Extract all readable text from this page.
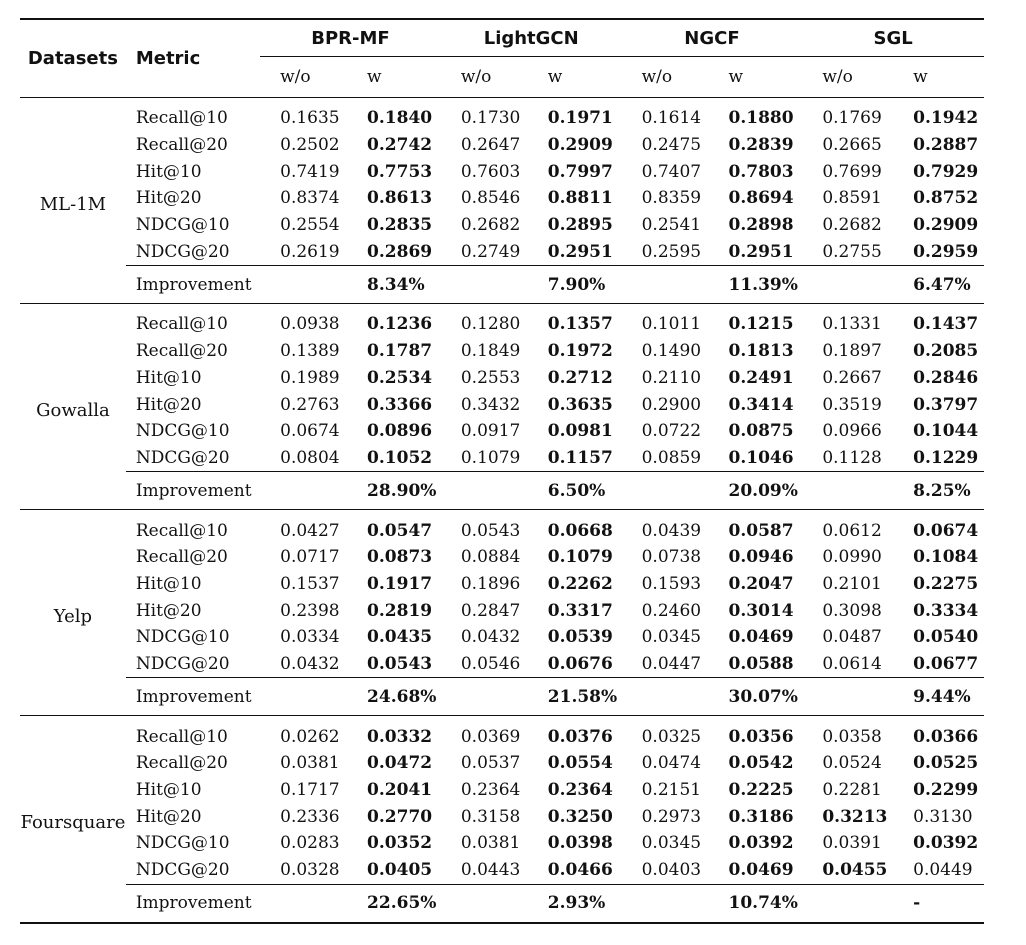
Datasets	Metric	BPR-MF		LightGCN		NGCF		SGL	
		w/o	w	w/o	w	w/o	w	w/o	w
ML-1M	Recall@10	0.1635	0.1840	0.1730	0.1971	0.1614	0.1880	0.1769	0.1942
	Recall@20	0.2502	0.2742	0.2647	0.2909	0.2475	0.2839	0.2665	0.2887
	Hit@10	0.7419	0.7753	0.7603	0.7997	0.7407	0.7803	0.7699	0.7929
	Hit@20	0.8374	0.8613	0.8546	0.8811	0.8359	0.8694	0.8591	0.8752
	NDCG@10	0.2554	0.2835	0.2682	0.2895	0.2541	0.2898	0.2682	0.2909
	NDCG@20	0.2619	0.2869	0.2749	0.2951	0.2595	0.2951	0.2755	0.2959
	Improvement		8.34%		7.90%		11.39%		6.47%
Gowalla	Recall@10	0.0938	0.1236	0.1280	0.1357	0.1011	0.1215	0.1331	0.1437
	Recall@20	0.1389	0.1787	0.1849	0.1972	0.1490	0.1813	0.1897	0.2085
	Hit@10	0.1989	0.2534	0.2553	0.2712	0.2110	0.2491	0.2667	0.2846
	Hit@20	0.2763	0.3366	0.3432	0.3635	0.2900	0.3414	0.3519	0.3797
	NDCG@10	0.0674	0.0896	0.0917	0.0981	0.0722	0.0875	0.0966	0.1044
	NDCG@20	0.0804	0.1052	0.1079	0.1157	0.0859	0.1046	0.1128	0.1229
	Improvement		28.90%		6.50%		20.09%		8.25%
Yelp	Recall@10	0.0427	0.0547	0.0543	0.0668	0.0439	0.0587	0.0612	0.0674
	Recall@20	0.0717	0.0873	0.0884	0.1079	0.0738	0.0946	0.0990	0.1084
	Hit@10	0.1537	0.1917	0.1896	0.2262	0.1593	0.2047	0.2101	0.2275
	Hit@20	0.2398	0.2819	0.2847	0.3317	0.2460	0.3014	0.3098	0.3334
	NDCG@10	0.0334	0.0435	0.0432	0.0539	0.0345	0.0469	0.0487	0.0540
	NDCG@20	0.0432	0.0543	0.0546	0.0676	0.0447	0.0588	0.0614	0.0677
	Improvement		24.68%		21.58%		30.07%		9.44%
Foursquare	Recall@10	0.0262	0.0332	0.0369	0.0376	0.0325	0.0356	0.0358	0.0366
	Recall@20	0.0381	0.0472	0.0537	0.0554	0.0474	0.0542	0.0524	0.0525
	Hit@10	0.1717	0.2041	0.2364	0.2364	0.2151	0.2225	0.2281	0.2299
	Hit@20	0.2336	0.2770	0.3158	0.3250	0.2973	0.3186	0.3213	0.3130
	NDCG@10	0.0283	0.0352	0.0381	0.0398	0.0345	0.0392	0.0391	0.0392
	NDCG@20	0.0328	0.0405	0.0443	0.0466	0.0403	0.0469	0.0455	0.0449
	Improvement		22.65%		2.93%		10.74%		-
